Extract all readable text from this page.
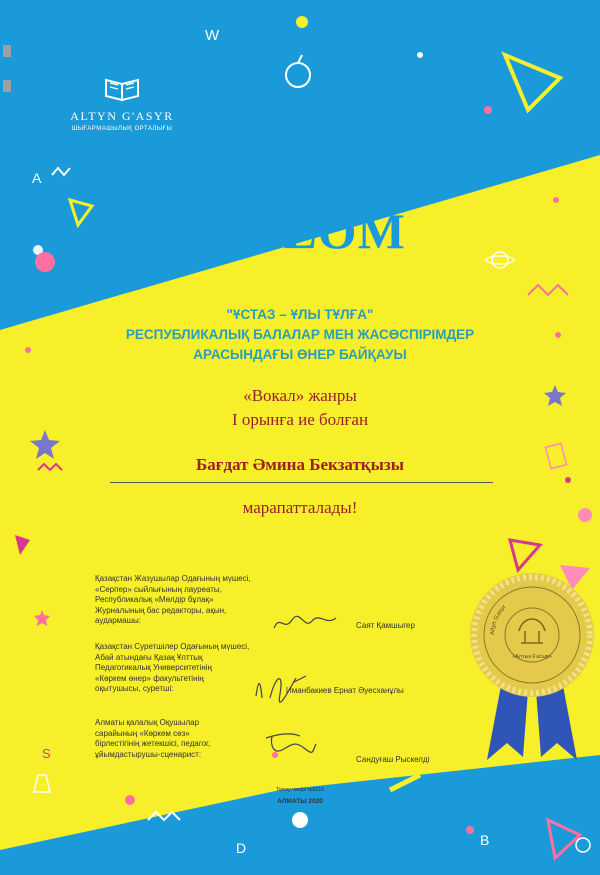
W
A
D	B
S
ALTYN G'ASYR
ШЫҒАРМАШЫЛЫҚ ОРТАЛЫҒЫ
DIPLOM
"ҰСТАЗ – ҰЛЫ ТҰЛҒА"
РЕСПУБЛИКАЛЫҚ БАЛАЛАР МЕН ЖАСӨСПІРІМДЕР
АРАСЫНДАҒЫ ӨНЕР БАЙҚАУЫ
«Вокал» жанры
I орынға ие болған
Бағдат Әмина Бекзатқызы
марапатталады!
Қазақстан Жазушылар Одағының мүшесі,
«Серпер» сыйлығының лауреаты,
Республикалық «Мөлдір бұлақ»
Журналының бас редакторы, ақын,
аудармашы:
Саят Қамшыгер
Қазақстан Суретшілер Одағының мүшесі,
Абай атындағы Қазақ Ұлттық
Педагогикалық Университетінің
«Көркем өнер» факультетінің
оқытушысы, суретші:	Иманбакиев Ернат Әуесханұлы
Алматы қалалық Оқушылар
сарайының «Көркем сөз»
бірлестігінің жетекшісі, педагог,
ұйымдастырушы-сценарист:
Сандуғаш Рыскелді
Тіркеу нөмірі №8316
АЛМАТЫ 2020
«Алтын Ғасыр»
Altyn Gasyr
